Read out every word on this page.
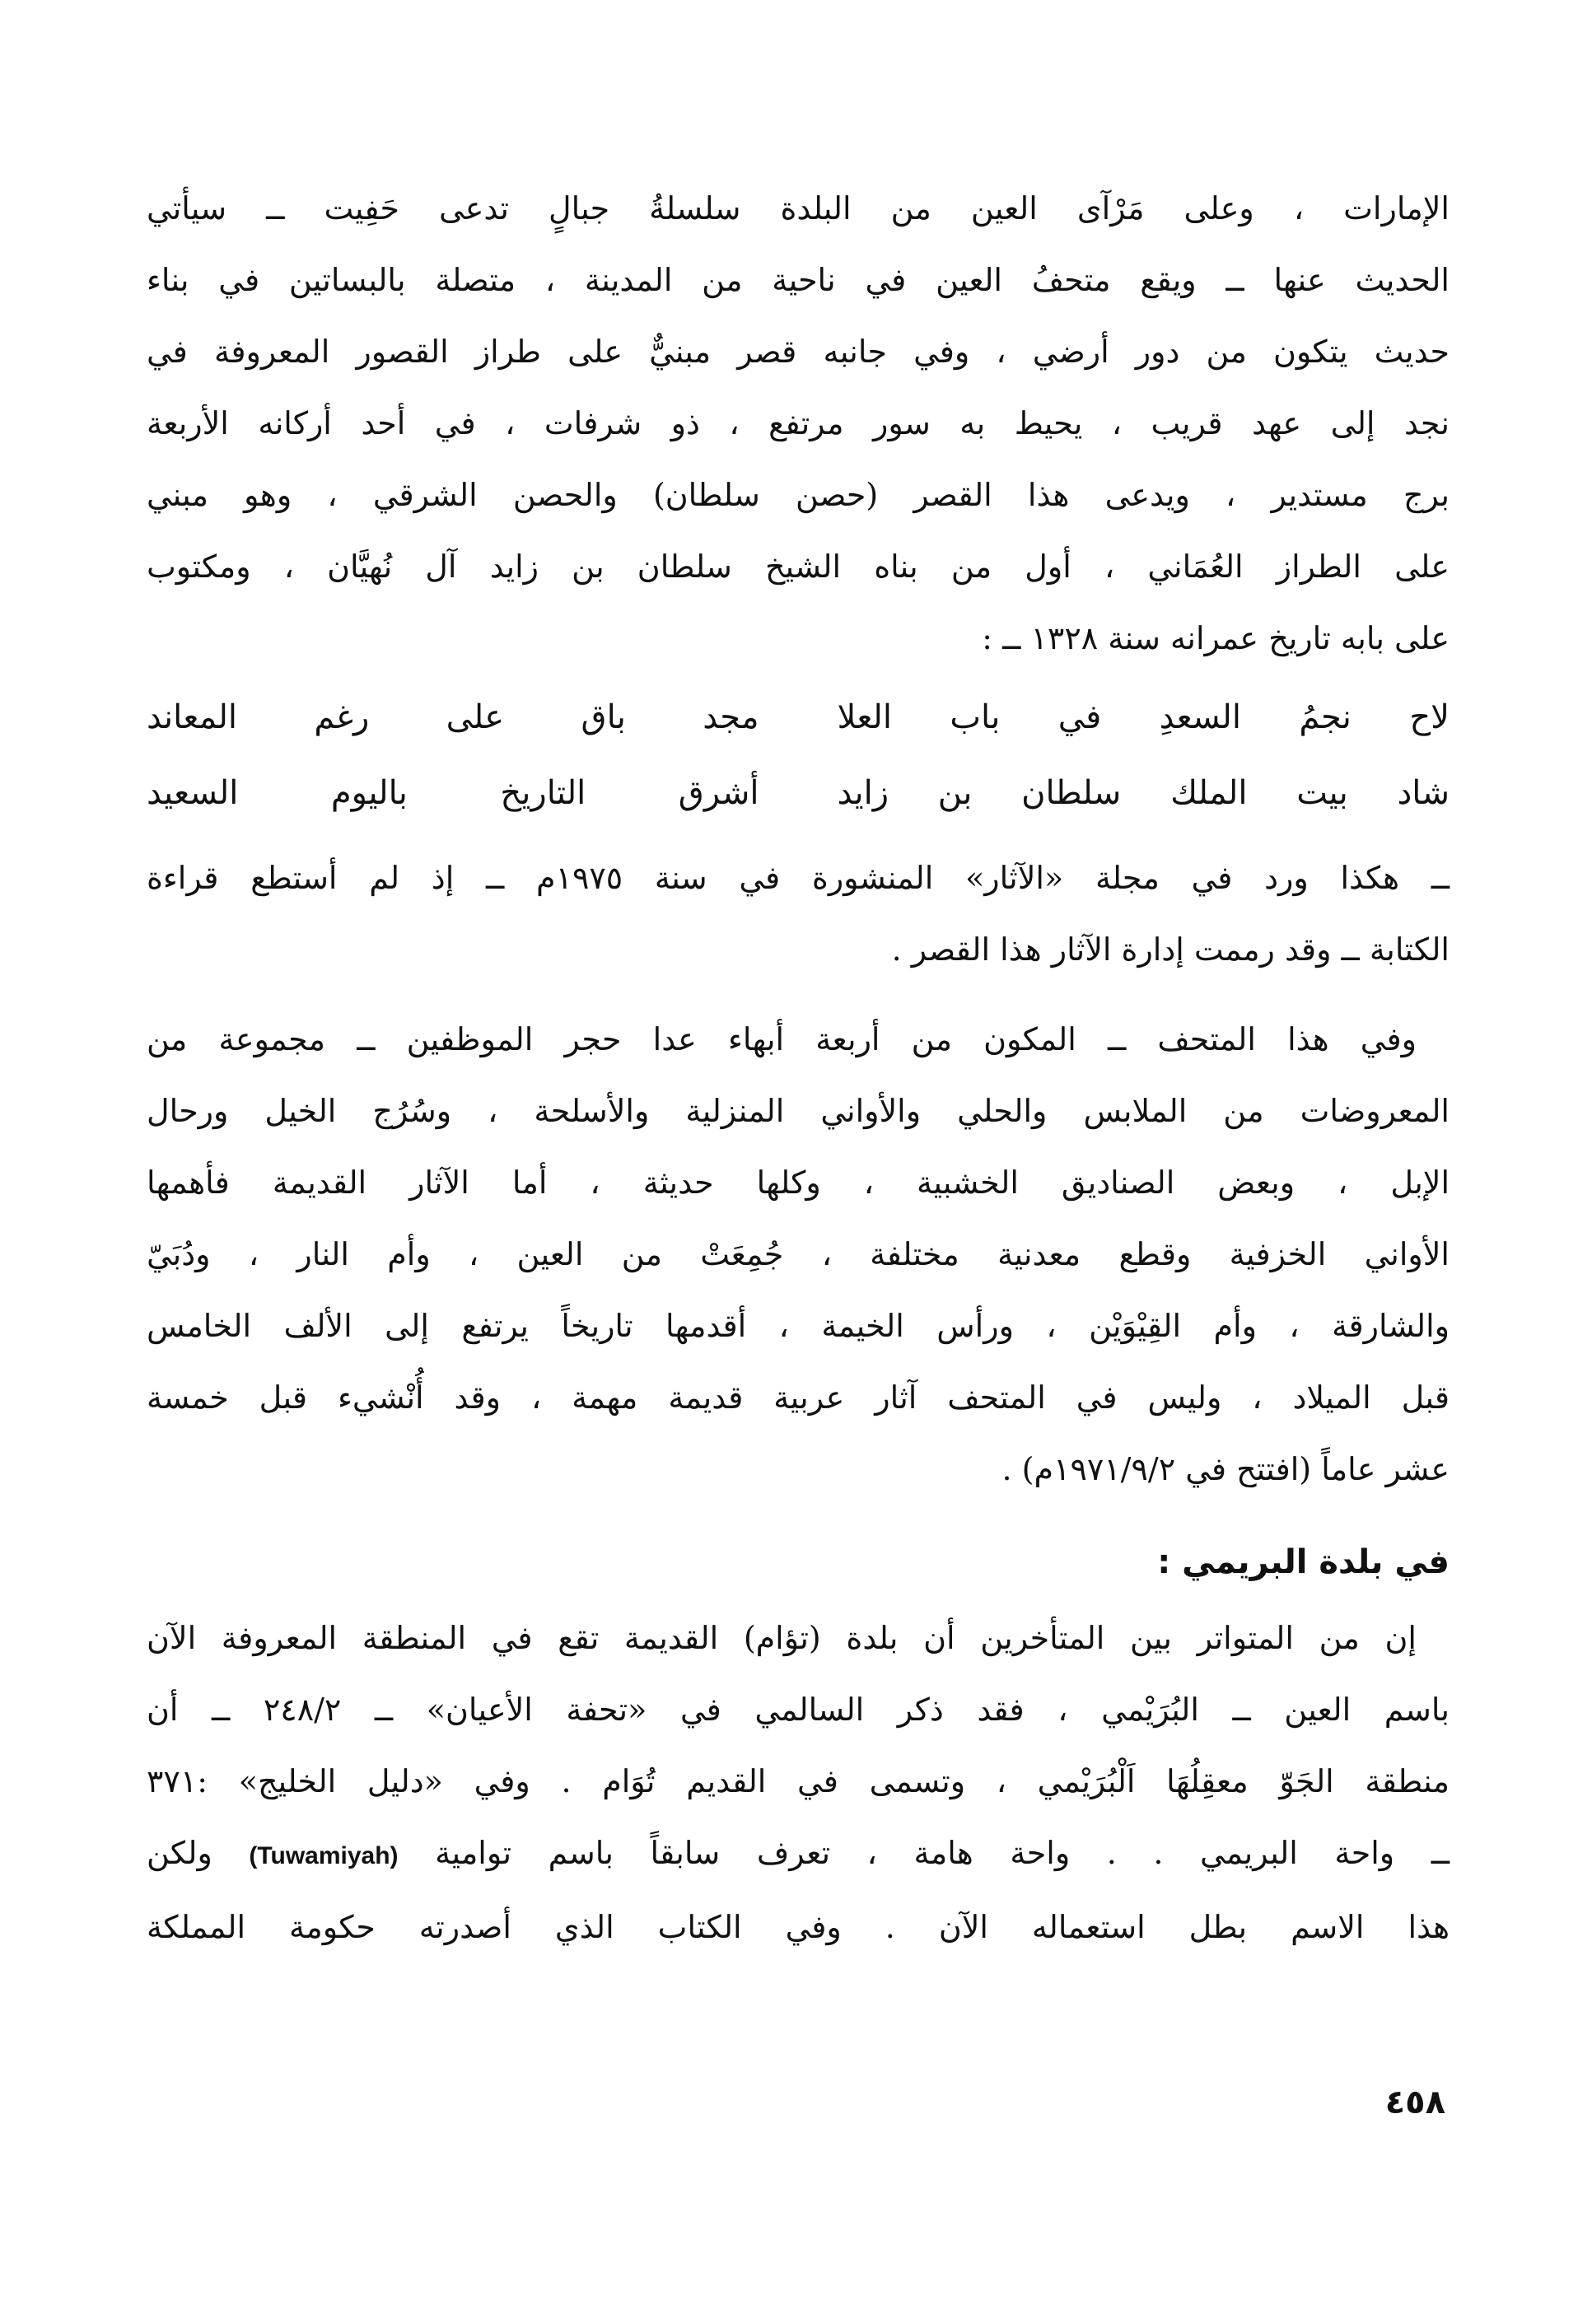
الإمارات ، وعلى مَرْآى العين من البلدة سلسلةُ جبالٍ تدعى حَفِيت ــ سيأتي
الحديث عنها ــ ويقع متحفُ العين في ناحية من المدينة ، متصلة بالبساتين في بناء
حديث يتكون من دور أرضي ، وفي جانبه قصر مبنيٌّ على طراز القصور المعروفة في
نجد إلى عهد قريب ، يحيط به سور مرتفع ، ذو شرفات ، في أحد أركانه الأربعة
برج مستدير ، ويدعى هذا القصر (حصن سلطان) والحصن الشرقي ، وهو مبني
على الطراز العُمَاني ، أول من بناه الشيخ سلطان بن زايد آل نُهيَّان ، ومكتوب
على بابه تاريخ عمرانه سنة ١٣٢٨ ــ :

لاح نجمُ السعدِ في باب العلا
مجد باق على رغم المعاند
شاد بيت الملك سلطان بن زايد
أشرق التاريخ باليوم السعيد

ــ هكذا ورد في مجلة «الآثار» المنشورة في سنة ١٩٧٥م ــ إذ لم أستطع قراءة
الكتابة ــ وقد رممت إدارة الآثار هذا القصر .

وفي هذا المتحف ــ المكون من أربعة أبهاء عدا حجر الموظفين ــ مجموعة من
المعروضات من الملابس والحلي والأواني المنزلية والأسلحة ، وسُرُج الخيل ورحال
الإبل ، وبعض الصناديق الخشبية ، وكلها حديثة ، أما الآثار القديمة فأهمها
الأواني الخزفية وقطع معدنية مختلفة ، جُمِعَتْ من العين ، وأم النار ، ودُبَيّ
والشارقة ، وأم القِيْوَيْن ، ورأس الخيمة ، أقدمها تاريخاً يرتفع إلى الألف الخامس
قبل الميلاد ، وليس في المتحف آثار عربية قديمة مهمة ، وقد أُنْشيء قبل خمسة
عشر عاماً (افتتح في ١٩٧١/٩/٢م) .

في بلدة البريمي :

إن من المتواتر بين المتأخرين أن بلدة (تؤام) القديمة تقع في المنطقة المعروفة الآن
باسم العين ــ البُرَيْمي ، فقد ذكر السالمي في «تحفة الأعيان» ــ ٢٤٨/٢ ــ أن
منطقة الجَوّ معقِلُهَا اَلْبُرَيْمي ، وتسمى في القديم تُوَام . وفي «دليل الخليج» :٣٧١
ــ واحة البريمي . . واحة هامة ، تعرف سابقاً باسم توامية (Tuwamiyah) ولكن
هذا الاسم بطل استعماله الآن . وفي الكتاب الذي أصدرته حكومة المملكة

٤٥٨
